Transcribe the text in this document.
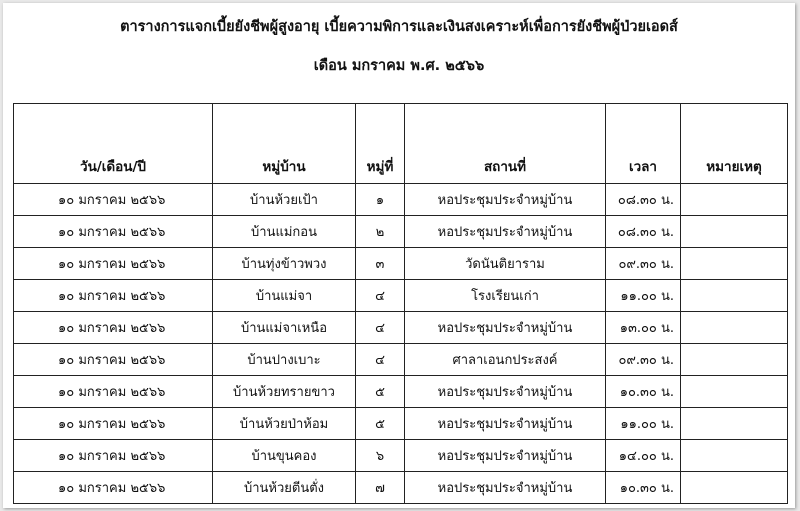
ตารางการแจกเบี้ยยังชีพผู้สูงอายุ เบี้ยความพิการและเงินสงเคราะห์เพื่อการยังชีพผู้ป่วยเอดส์
เดือน มกราคม พ.ศ. ๒๕๖๖
วัน/เดือน/ปี	หมู่บ้าน	หมู่ที่	สถานที่	เวลา	หมายเหตุ
๑๐ มกราคม ๒๕๖๖	บ้านห้วยเป้า	๑	หอประชุมประจำหมู่บ้าน	๐๘.๓๐ น.	
๑๐ มกราคม ๒๕๖๖	บ้านแม่กอน	๒	หอประชุมประจำหมู่บ้าน	๐๘.๓๐ น.	
๑๐ มกราคม ๒๕๖๖	บ้านทุ่งข้าวพวง	๓	วัดนันติยาราม	๐๙.๓๐ น.	
๑๐ มกราคม ๒๕๖๖	บ้านแม่จา	๔	โรงเรียนเก่า	๑๑.๐๐ น.	
๑๐ มกราคม ๒๕๖๖	บ้านแม่จาเหนือ	๔	หอประชุมประจำหมู่บ้าน	๑๓.๐๐ น.	
๑๐ มกราคม ๒๕๖๖	บ้านปางเบาะ	๔	ศาลาเอนกประสงค์	๐๙.๓๐ น.	
๑๐ มกราคม ๒๕๖๖	บ้านห้วยทรายขาว	๕	หอประชุมประจำหมู่บ้าน	๑๐.๓๐ น.	
๑๐ มกราคม ๒๕๖๖	บ้านห้วยป่าห้อม	๕	หอประชุมประจำหมู่บ้าน	๑๑.๐๐ น.	
๑๐ มกราคม ๒๕๖๖	บ้านขุนคอง	๖	หอประชุมประจำหมู่บ้าน	๑๔.๐๐ น.	
๑๐ มกราคม ๒๕๖๖	บ้านห้วยตีนตั่ง	๗	หอประชุมประจำหมู่บ้าน	๑๐.๓๐ น.	
